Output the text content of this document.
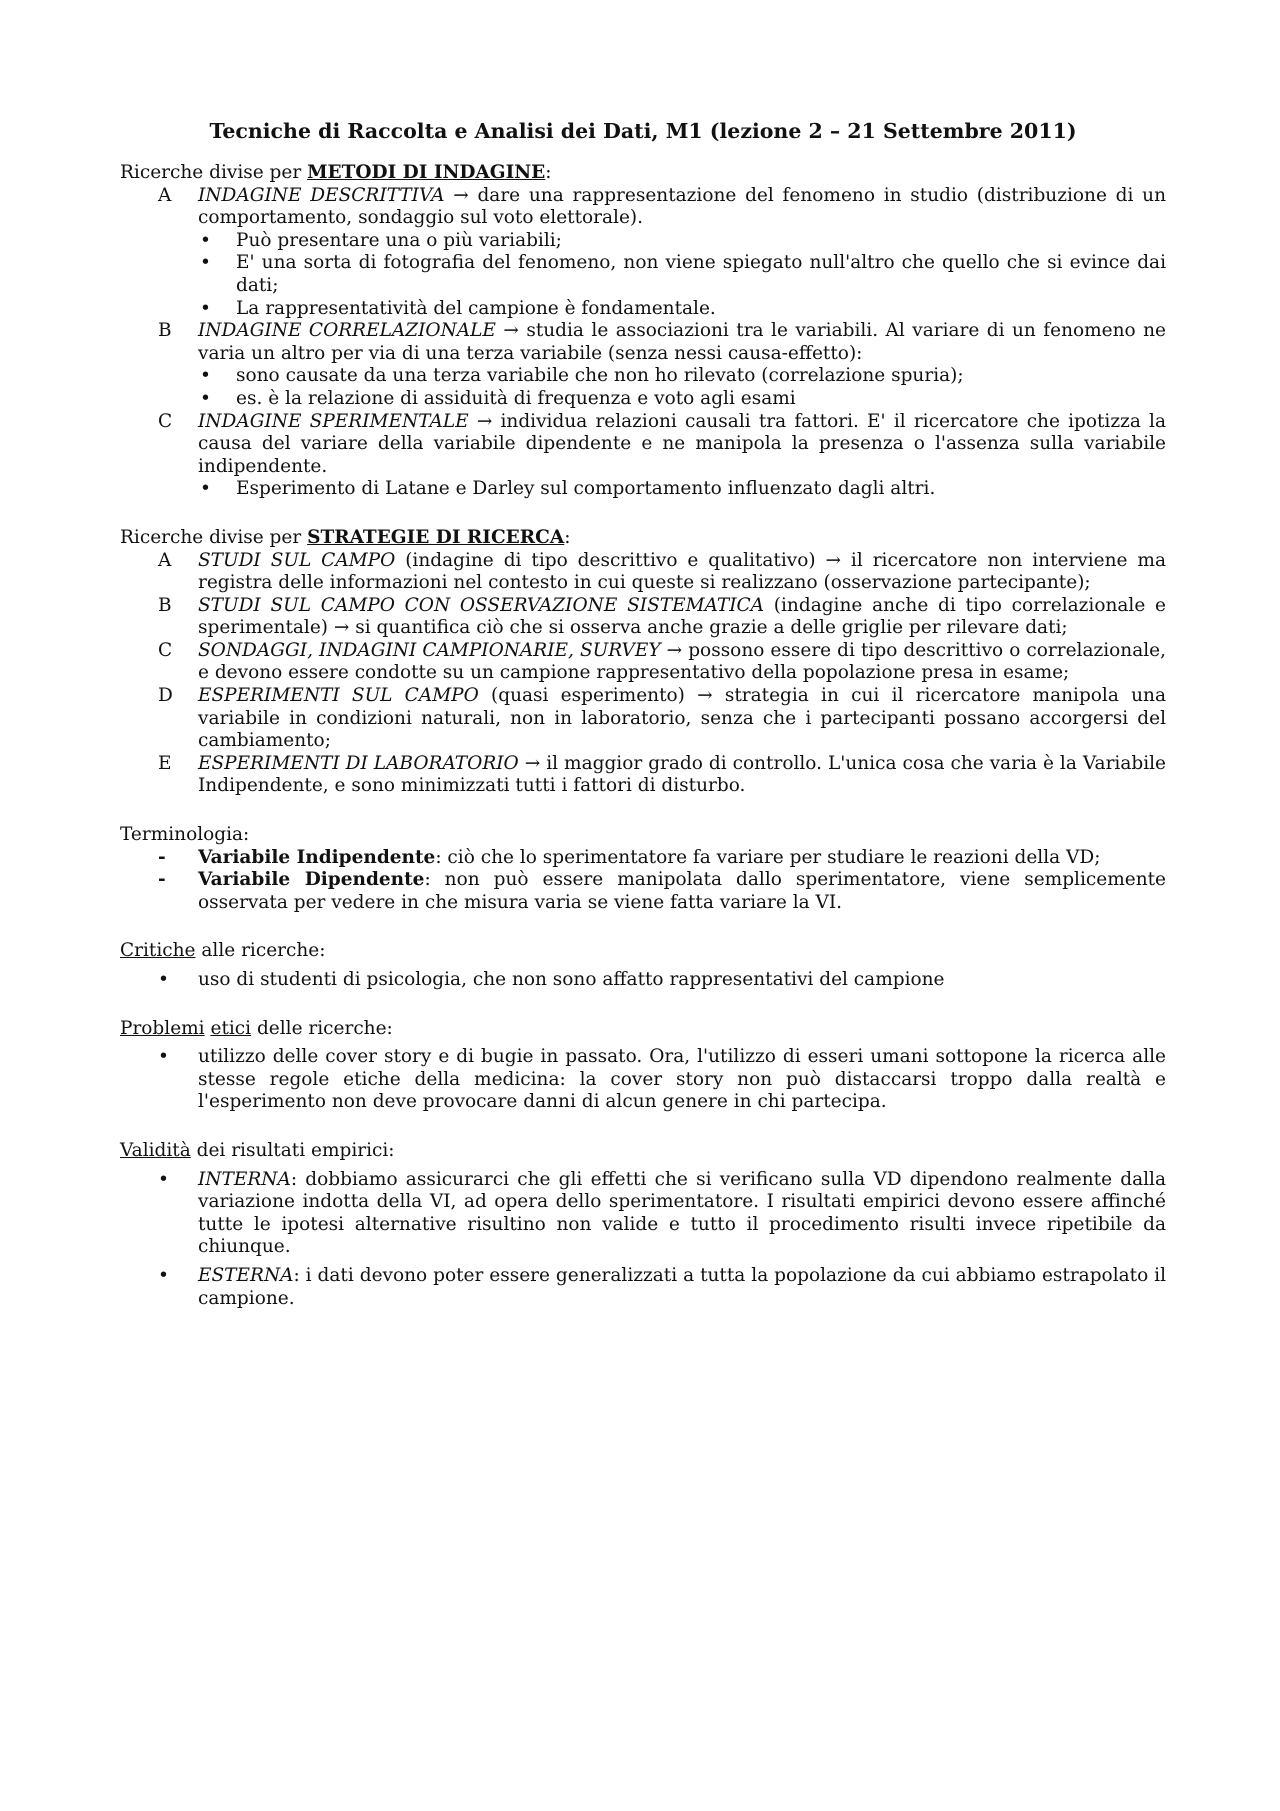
Tecniche di Raccolta e Analisi dei Dati, M1 (lezione 2 – 21 Settembre 2011)

Ricerche divise per METODI DI INDAGINE:

A INDAGINE DESCRITTIVA → dare una rappresentazione del fenomeno in studio (distribuzione di un comportamento, sondaggio sul voto elettorale).

• Può presentare una o più variabili;

• E' una sorta di fotografia del fenomeno, non viene spiegato null'altro che quello che si evince dai dati;

• La rappresentatività del campione è fondamentale.

B INDAGINE CORRELAZIONALE → studia le associazioni tra le variabili. Al variare di un fenomeno ne varia un altro per via di una terza variabile (senza nessi causa-effetto):

• sono causate da una terza variabile che non ho rilevato (correlazione spuria);

• es. è la relazione di assiduità di frequenza e voto agli esami

C INDAGINE SPERIMENTALE → individua relazioni causali tra fattori. E' il ricercatore che ipotizza la causa del variare della variabile dipendente e ne manipola la presenza o l'assenza sulla variabile indipendente.

• Esperimento di Latane e Darley sul comportamento influenzato dagli altri.

Ricerche divise per STRATEGIE DI RICERCA:

A STUDI SUL CAMPO (indagine di tipo descrittivo e qualitativo) → il ricercatore non interviene ma registra delle informazioni nel contesto in cui queste si realizzano (osservazione partecipante);

B STUDI SUL CAMPO CON OSSERVAZIONE SISTEMATICA (indagine anche di tipo correlazionale e sperimentale) → si quantifica ciò che si osserva anche grazie a delle griglie per rilevare dati;

C SONDAGGI, INDAGINI CAMPIONARIE, SURVEY → possono essere di tipo descrittivo o correlazionale, e devono essere condotte su un campione rappresentativo della popolazione presa in esame;

D ESPERIMENTI SUL CAMPO (quasi esperimento) → strategia in cui il ricercatore manipola una variabile in condizioni naturali, non in laboratorio, senza che i partecipanti possano accorgersi del cambiamento;

E ESPERIMENTI DI LABORATORIO → il maggior grado di controllo. L'unica cosa che varia è la Variabile Indipendente, e sono minimizzati tutti i fattori di disturbo.

Terminologia:

- Variabile Indipendente: ciò che lo sperimentatore fa variare per studiare le reazioni della VD;

- Variabile Dipendente: non può essere manipolata dallo sperimentatore, viene semplicemente osservata per vedere in che misura varia se viene fatta variare la VI.

Critiche alle ricerche:

• uso di studenti di psicologia, che non sono affatto rappresentativi del campione

Problemi etici delle ricerche:

• utilizzo delle cover story e di bugie in passato. Ora, l'utilizzo di esseri umani sottopone la ricerca alle stesse regole etiche della medicina: la cover story non può distaccarsi troppo dalla realtà e l'esperimento non deve provocare danni di alcun genere in chi partecipa.

Validità dei risultati empirici:

• INTERNA: dobbiamo assicurarci che gli effetti che si verificano sulla VD dipendono realmente dalla variazione indotta della VI, ad opera dello sperimentatore. I risultati empirici devono essere affinché tutte le ipotesi alternative risultino non valide e tutto il procedimento risulti invece ripetibile da chiunque.

• ESTERNA: i dati devono poter essere generalizzati a tutta la popolazione da cui abbiamo estrapolato il campione.
